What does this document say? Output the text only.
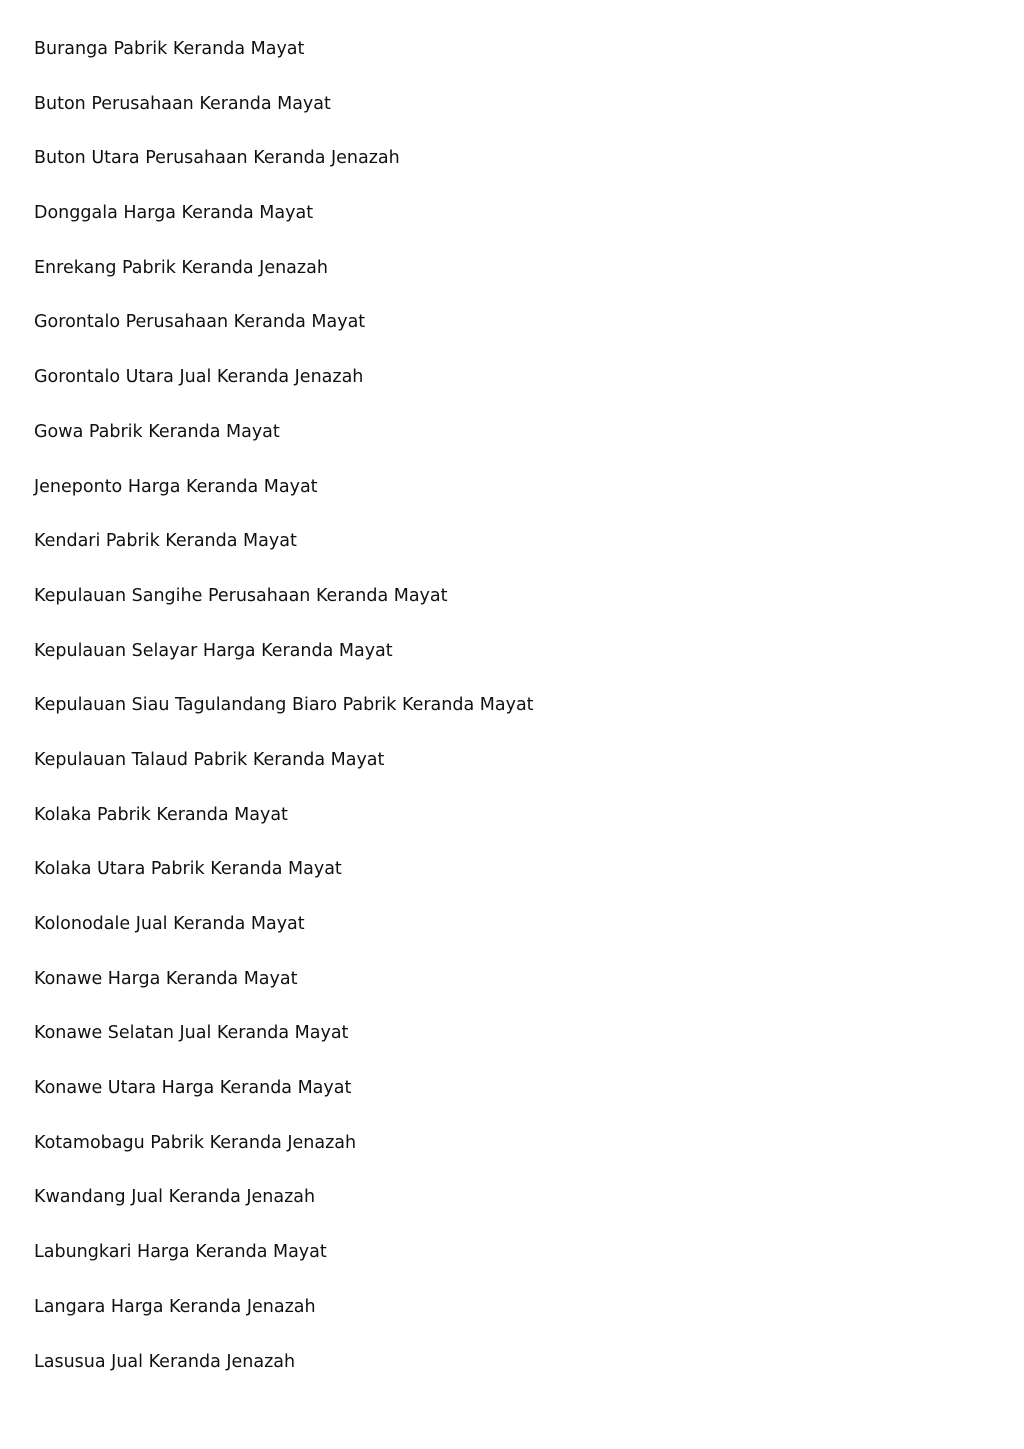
Buranga Pabrik Keranda Mayat
Buton Perusahaan Keranda Mayat
Buton Utara Perusahaan Keranda Jenazah
Donggala Harga Keranda Mayat
Enrekang Pabrik Keranda Jenazah
Gorontalo Perusahaan Keranda Mayat
Gorontalo Utara Jual Keranda Jenazah
Gowa Pabrik Keranda Mayat
Jeneponto Harga Keranda Mayat
Kendari Pabrik Keranda Mayat
Kepulauan Sangihe Perusahaan Keranda Mayat
Kepulauan Selayar Harga Keranda Mayat
Kepulauan Siau Tagulandang Biaro Pabrik Keranda Mayat
Kepulauan Talaud Pabrik Keranda Mayat
Kolaka Pabrik Keranda Mayat
Kolaka Utara Pabrik Keranda Mayat
Kolonodale Jual Keranda Mayat
Konawe Harga Keranda Mayat
Konawe Selatan Jual Keranda Mayat
Konawe Utara Harga Keranda Mayat
Kotamobagu Pabrik Keranda Jenazah
Kwandang Jual Keranda Jenazah
Labungkari Harga Keranda Mayat
Langara Harga Keranda Jenazah
Lasusua Jual Keranda Jenazah
